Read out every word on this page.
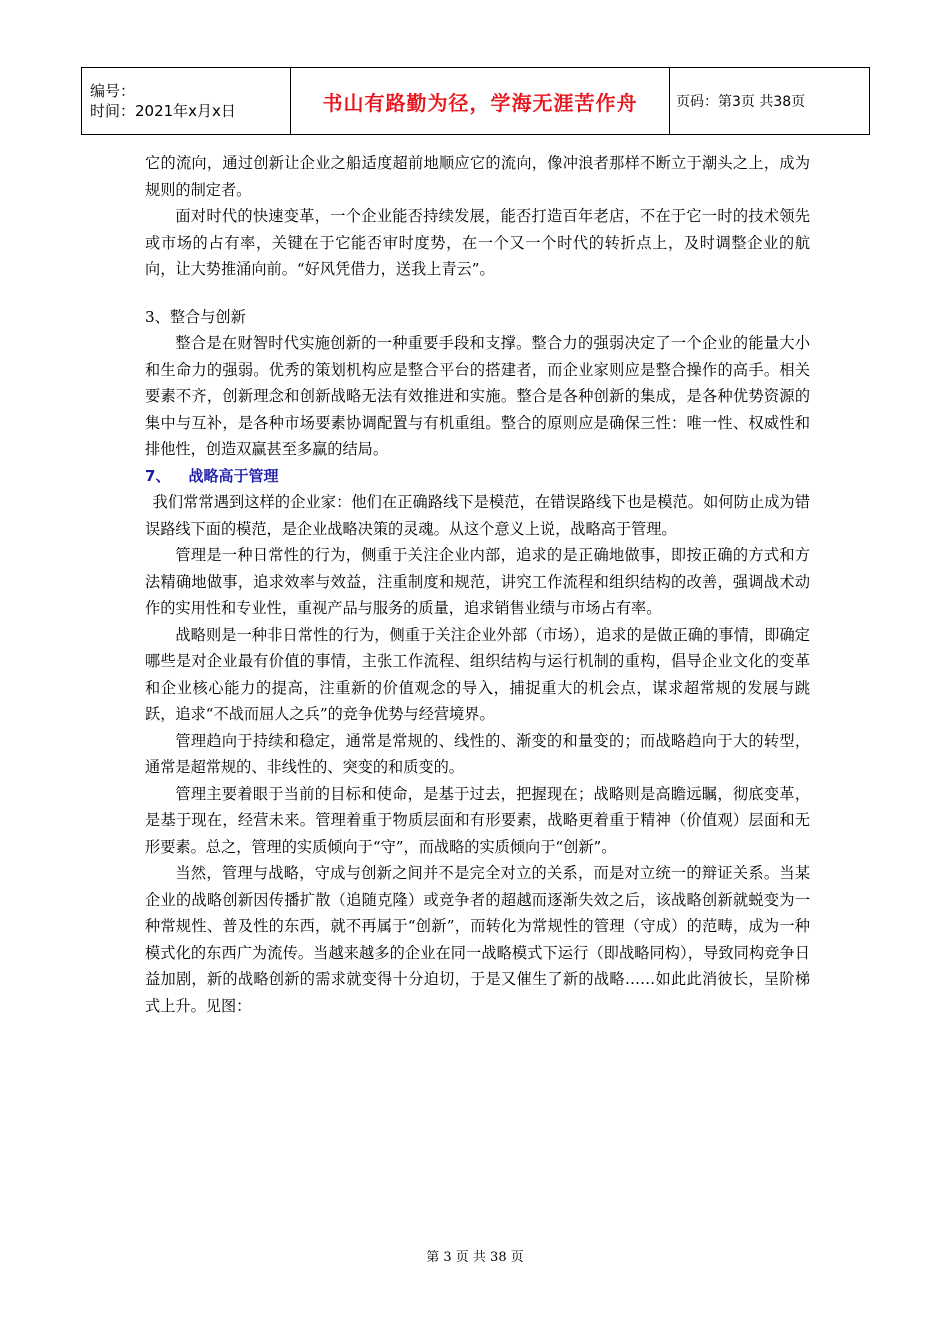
编号：
时间：2021年x月x日	书山有路勤为径，学海无涯苦作舟	页码：第3页 共38页

它的流向，通过创新让企业之船适度超前地顺应它的流向，像冲浪者那样不断立于潮头之上，成为规则的制定者。

面对时代的快速变革，一个企业能否持续发展，能否打造百年老店，不在于它一时的技术领先或市场的占有率，关键在于它能否审时度势，在一个又一个时代的转折点上，及时调整企业的航向，让大势推涌向前。“好风凭借力，送我上青云”。

3、整合与创新

整合是在财智时代实施创新的一种重要手段和支撑。整合力的强弱决定了一个企业的能量大小和生命力的强弱。优秀的策划机构应是整合平台的搭建者，而企业家则应是整合操作的高手。相关要素不齐，创新理念和创新战略无法有效推进和实施。整合是各种创新的集成，是各种优势资源的集中与互补，是各种市场要素协调配置与有机重组。整合的原则应是确保三性：唯一性、权威性和排他性，创造双赢甚至多赢的结局。

7、 战略高于管理

我们常常遇到这样的企业家：他们在正确路线下是模范，在错误路线下也是模范。如何防止成为错误路线下面的模范，是企业战略决策的灵魂。从这个意义上说，战略高于管理。

管理是一种日常性的行为，侧重于关注企业内部，追求的是正确地做事，即按正确的方式和方法精确地做事，追求效率与效益，注重制度和规范，讲究工作流程和组织结构的改善，强调战术动作的实用性和专业性，重视产品与服务的质量，追求销售业绩与市场占有率。

战略则是一种非日常性的行为，侧重于关注企业外部（市场），追求的是做正确的事情，即确定哪些是对企业最有价值的事情，主张工作流程、组织结构与运行机制的重构，倡导企业文化的变革和企业核心能力的提高，注重新的价值观念的导入，捕捉重大的机会点，谋求超常规的发展与跳跃，追求“不战而屈人之兵”的竞争优势与经营境界。

管理趋向于持续和稳定，通常是常规的、线性的、渐变的和量变的；而战略趋向于大的转型，通常是超常规的、非线性的、突变的和质变的。

管理主要着眼于当前的目标和使命，是基于过去，把握现在；战略则是高瞻远瞩，彻底变革，是基于现在，经营未来。管理着重于物质层面和有形要素，战略更着重于精神（价值观）层面和无形要素。总之，管理的实质倾向于“守”，而战略的实质倾向于“创新”。

当然，管理与战略，守成与创新之间并不是完全对立的关系，而是对立统一的辩证关系。当某企业的战略创新因传播扩散（追随克隆）或竞争者的超越而逐渐失效之后，该战略创新就蜕变为一种常规性、普及性的东西，就不再属于“创新”，而转化为常规性的管理（守成）的范畴，成为一种模式化的东西广为流传。当越来越多的企业在同一战略模式下运行（即战略同构），导致同构竞争日益加剧，新的战略创新的需求就变得十分迫切，于是又催生了新的战略……如此此消彼长，呈阶梯式上升。见图：

第 3 页 共 38 页
